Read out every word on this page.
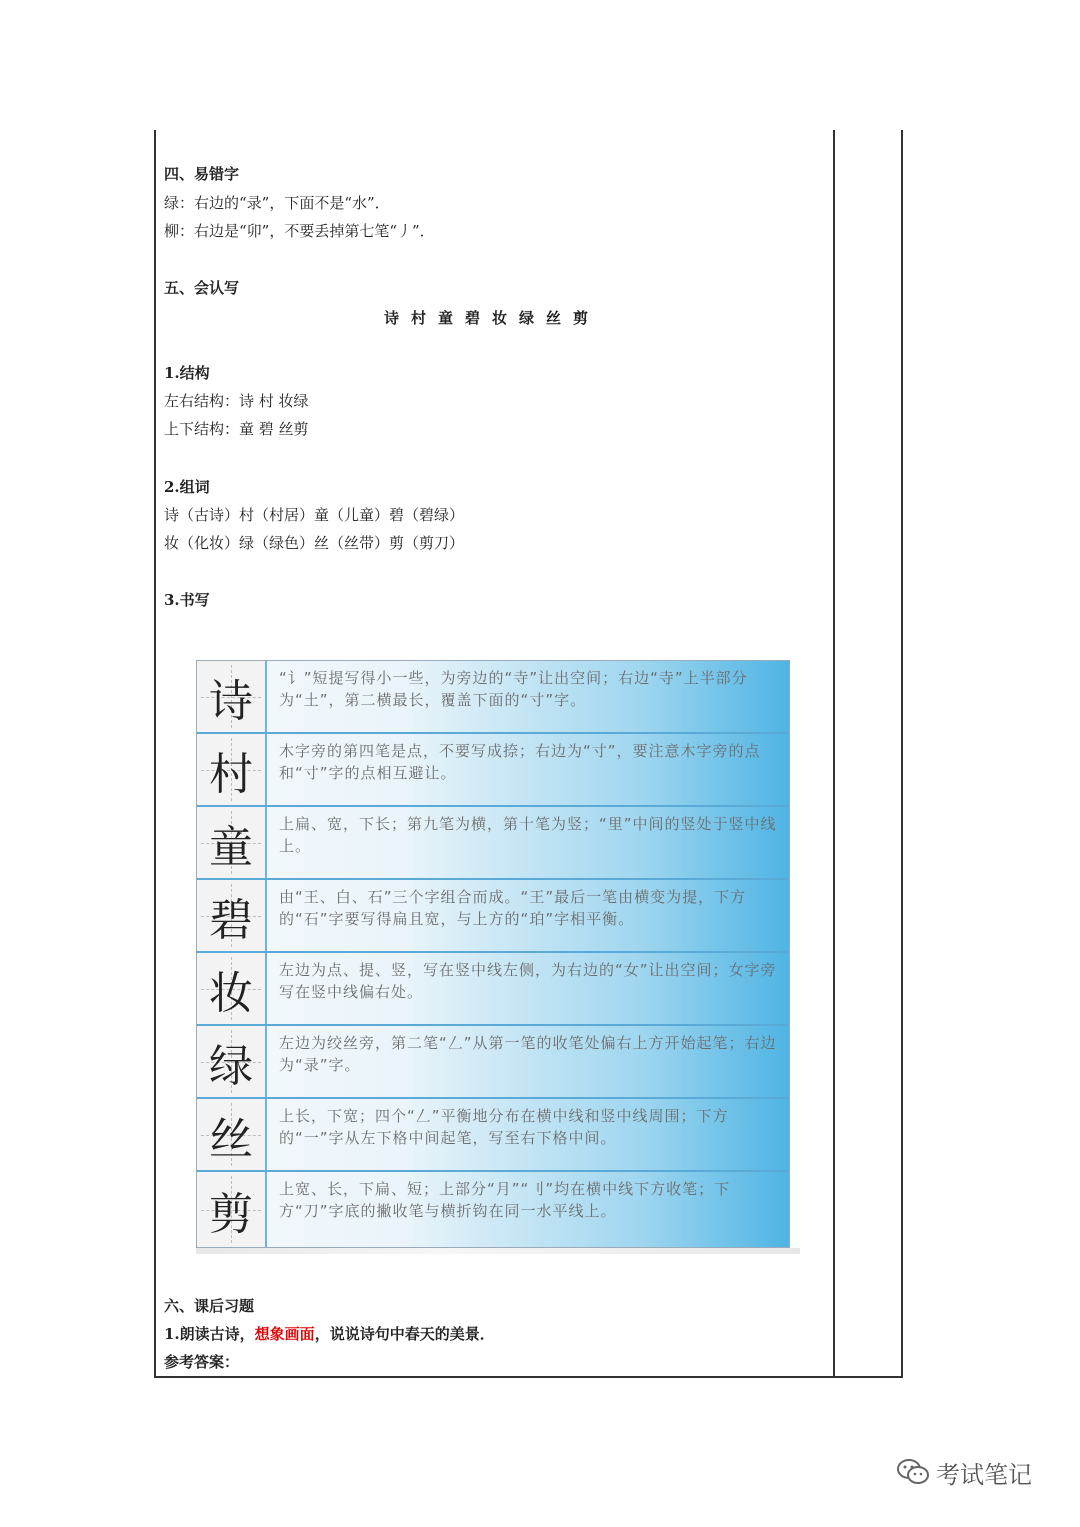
四、易错字
绿：右边的“录”，下面不是“水”．
柳：右边是“卯”，不要丢掉第七笔“丿”．
五、会认写
诗村童碧妆绿丝剪
1.结构
左右结构：诗 村 妆绿
上下结构：童 碧 丝剪
2.组词
诗（古诗）村（村居）童（儿童）碧（碧绿）
妆（化妆）绿（绿色）丝（丝带）剪（剪刀）
3.书写
六、课后习题
1.朗读古诗，想象画面，说说诗句中春天的美景．
参考答案：
诗 “讠”短提写得小一些，为旁边的“寺”让出空间；右边“寺”上半部分为“土”，第二横最长，覆盖下面的“寸”字。
村 木字旁的第四笔是点，不要写成捺；右边为“寸”，要注意木字旁的点和“寸”字的点相互避让。
童 上扁、宽，下长；第九笔为横，第十笔为竖；“里”中间的竖处于竖中线上。
碧 由“王、白、石”三个字组合而成。“王”最后一笔由横变为提，下方的“石”字要写得扁且宽，与上方的“珀”字相平衡。
妆 左边为点、提、竖，写在竖中线左侧，为右边的“女”让出空间；女字旁写在竖中线偏右处。
绿 左边为绞丝旁，第二笔“𠃋”从第一笔的收笔处偏右上方开始起笔；右边为“录”字。
丝 上长，下宽；四个“𠃋”平衡地分布在横中线和竖中线周围；下方的“一”字从左下格中间起笔，写至右下格中间。
剪 上宽、长，下扁、短；上部分“月”“刂”均在横中线下方收笔；下方“刀”字底的撇收笔与横折钩在同一水平线上。
考试笔记
